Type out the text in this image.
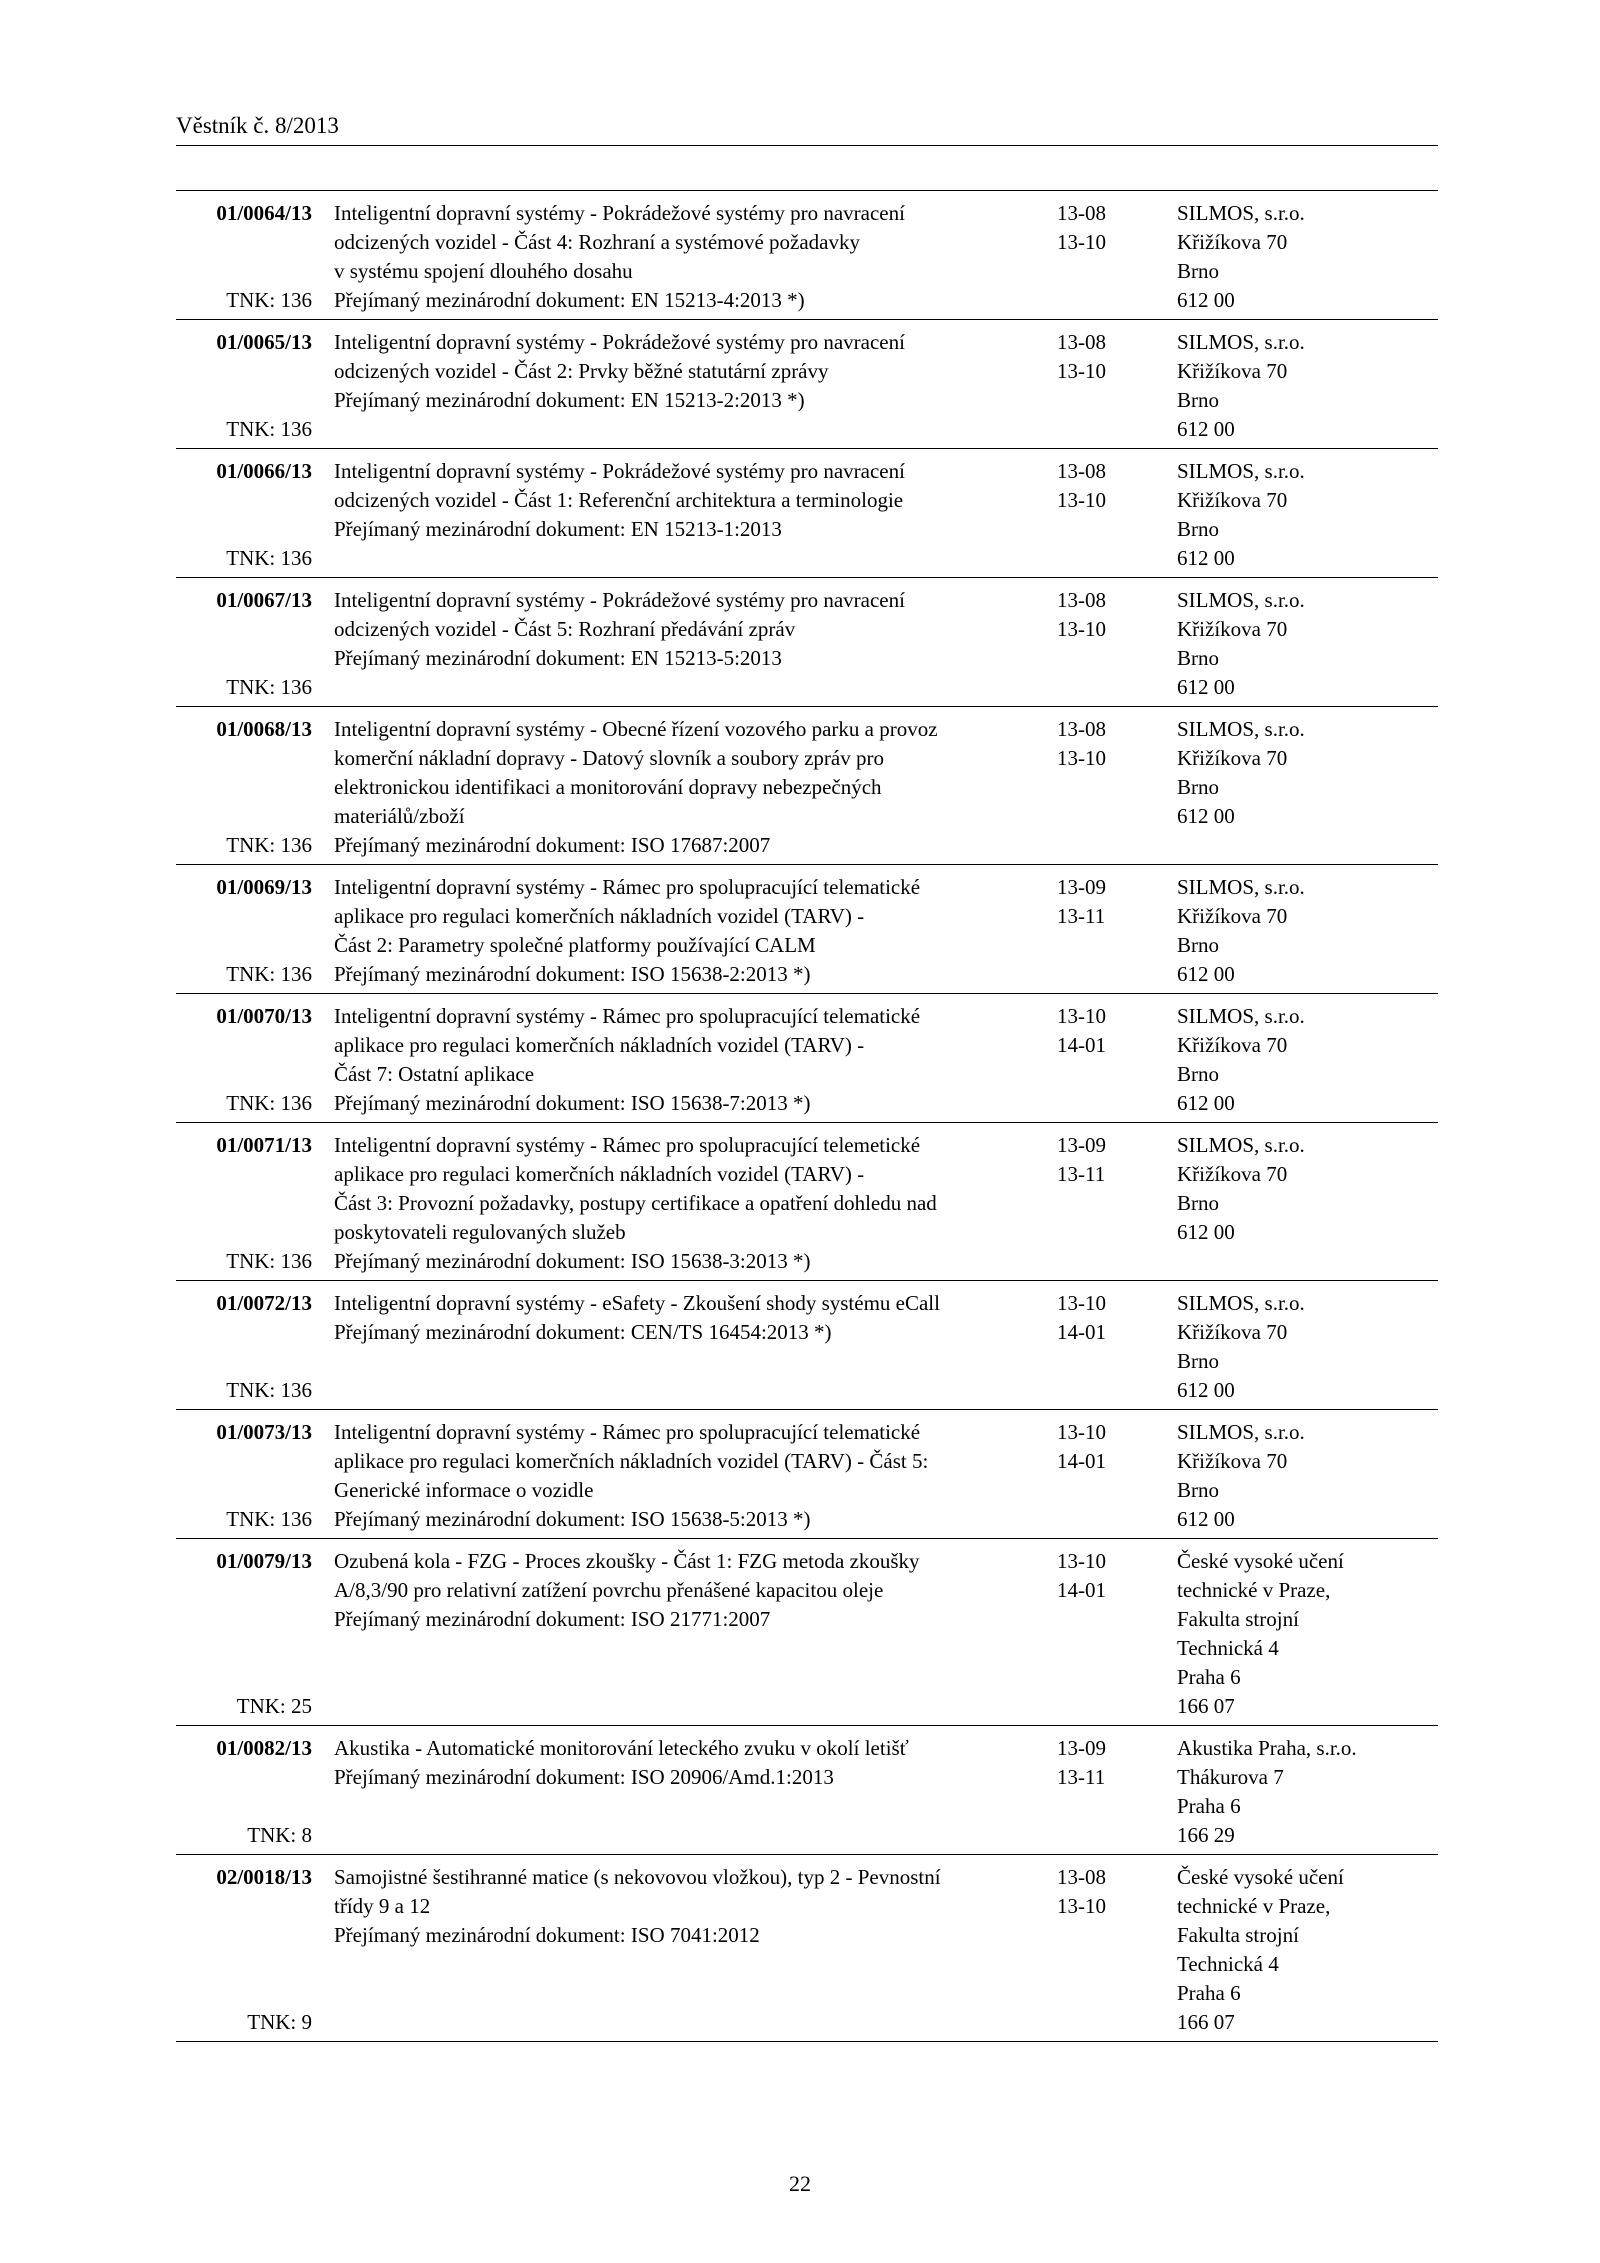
Věstník č. 8/2013
01/0064/13
TNK: 136
Inteligentní dopravní systémy - Pokrádežové systémy pro navracení
odcizených vozidel - Část 4: Rozhraní a systémové požadavky
v systému spojení dlouhého dosahu
Přejímaný mezinárodní dokument: EN 15213-4:2013 *)
13-08
13-10
SILMOS, s.r.o.
Křižíkova 70
Brno
612 00
01/0065/13
TNK: 136
Inteligentní dopravní systémy - Pokrádežové systémy pro navracení
odcizených vozidel - Část 2: Prvky běžné statutární zprávy
Přejímaný mezinárodní dokument: EN 15213-2:2013 *)
13-08
13-10
SILMOS, s.r.o.
Křižíkova 70
Brno
612 00
01/0066/13
TNK: 136
Inteligentní dopravní systémy - Pokrádežové systémy pro navracení
odcizených vozidel - Část 1: Referenční architektura a terminologie
Přejímaný mezinárodní dokument: EN 15213-1:2013
13-08
13-10
SILMOS, s.r.o.
Křižíkova 70
Brno
612 00
01/0067/13
TNK: 136
Inteligentní dopravní systémy - Pokrádežové systémy pro navracení
odcizených vozidel - Část 5: Rozhraní předávání zpráv
Přejímaný mezinárodní dokument: EN 15213-5:2013
13-08
13-10
SILMOS, s.r.o.
Křižíkova 70
Brno
612 00
01/0068/13
TNK: 136
Inteligentní dopravní systémy - Obecné řízení vozového parku a provoz
komerční nákladní dopravy - Datový slovník a soubory zpráv pro
elektronickou identifikaci a monitorování dopravy nebezpečných
materiálů/zboží
Přejímaný mezinárodní dokument: ISO 17687:2007
13-08
13-10
SILMOS, s.r.o.
Křižíkova 70
Brno
612 00
01/0069/13
TNK: 136
Inteligentní dopravní systémy - Rámec pro spolupracující telematické
aplikace pro regulaci komerčních nákladních vozidel (TARV) -
Část 2: Parametry společné platformy používající CALM
Přejímaný mezinárodní dokument: ISO 15638-2:2013 *)
13-09
13-11
SILMOS, s.r.o.
Křižíkova 70
Brno
612 00
01/0070/13
TNK: 136
Inteligentní dopravní systémy - Rámec pro spolupracující telematické
aplikace pro regulaci komerčních nákladních vozidel (TARV) -
Část 7: Ostatní aplikace
Přejímaný mezinárodní dokument: ISO 15638-7:2013 *)
13-10
14-01
SILMOS, s.r.o.
Křižíkova 70
Brno
612 00
01/0071/13
TNK: 136
Inteligentní dopravní systémy - Rámec pro spolupracující telemetické
aplikace pro regulaci komerčních nákladních vozidel (TARV) -
Část 3: Provozní požadavky, postupy certifikace a opatření dohledu nad
poskytovateli regulovaných služeb
Přejímaný mezinárodní dokument: ISO 15638-3:2013 *)
13-09
13-11
SILMOS, s.r.o.
Křižíkova 70
Brno
612 00
01/0072/13
TNK: 136
Inteligentní dopravní systémy - eSafety - Zkoušení shody systému eCall
Přejímaný mezinárodní dokument: CEN/TS 16454:2013 *)
13-10
14-01
SILMOS, s.r.o.
Křižíkova 70
Brno
612 00
01/0073/13
TNK: 136
Inteligentní dopravní systémy - Rámec pro spolupracující telematické
aplikace pro regulaci komerčních nákladních vozidel (TARV) - Část 5:
Generické informace o vozidle
Přejímaný mezinárodní dokument: ISO 15638-5:2013 *)
13-10
14-01
SILMOS, s.r.o.
Křižíkova 70
Brno
612 00
01/0079/13
TNK: 25
Ozubená kola - FZG - Proces zkoušky - Část 1: FZG metoda zkoušky
A/8,3/90 pro relativní zatížení povrchu přenášené kapacitou oleje
Přejímaný mezinárodní dokument: ISO 21771:2007
13-10
14-01
České vysoké učení
technické v Praze,
Fakulta strojní
Technická 4
Praha 6
166 07
01/0082/13
TNK: 8
Akustika - Automatické monitorování leteckého zvuku v okolí letišť
Přejímaný mezinárodní dokument: ISO 20906/Amd.1:2013
13-09
13-11
Akustika Praha, s.r.o.
Thákurova 7
Praha 6
166 29
02/0018/13
TNK: 9
Samojistné šestihranné matice (s nekovovou vložkou), typ 2 - Pevnostní
třídy 9 a 12
Přejímaný mezinárodní dokument: ISO 7041:2012
13-08
13-10
České vysoké učení
technické v Praze,
Fakulta strojní
Technická 4
Praha 6
166 07
22
